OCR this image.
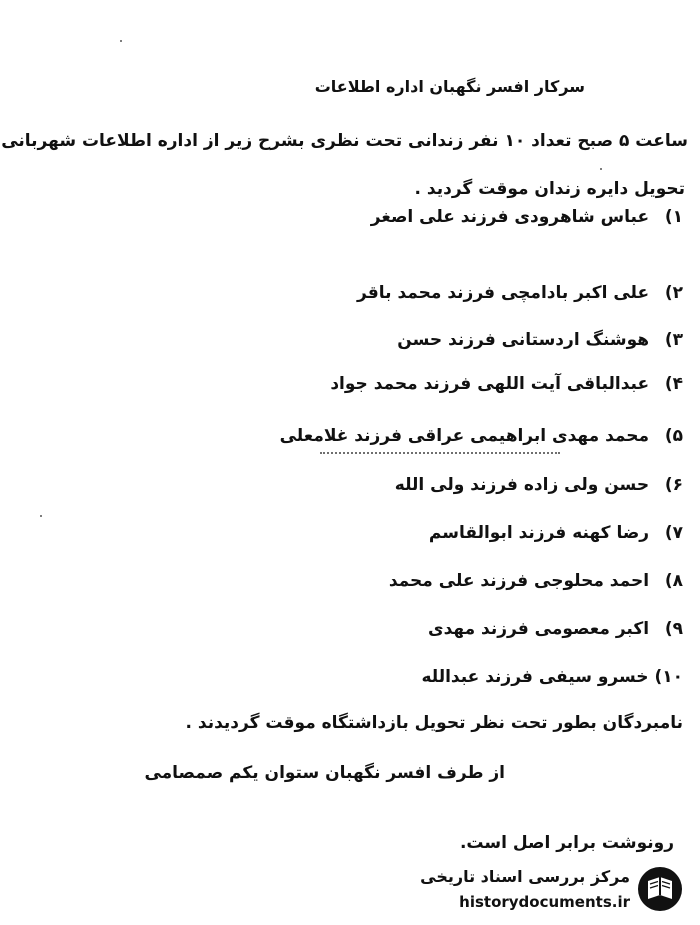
سرکار افسر نگهبان اداره اطلاعات
ساعت ۵ صبح تعداد ۱۰ نفر زندانی تحت نظری بشرح زیر از اداره اطلاعات شهربانی
تحویل دایره زندان موقت گردید .
۱) عباس شاهرودی فرزند علی اصغر
۲) علی اکبر بادامچی فرزند محمد باقر
۳) هوشنگ اردستانی فرزند حسن
۴) عبدالباقی آیت اللهی فرزند محمد جواد
۵) محمد مهدی ابراهیمی عراقی فرزند غلامعلی
۶) حسن ولی زاده فرزند ولی الله
۷) رضا کهنه فرزند ابوالقاسم
۸) احمد محلوجی فرزند علی محمد
۹) اکبر معصومی فرزند مهدی
۱۰) خسرو سیفی فرزند عبدالله
نامبردگان بطور تحت نظر تحویل بازداشتگاه موقت گردیدند .
از طرف افسر نگهبان ستوان یکم صمصامی
رونوشت برابر اصل است.
مرکز بررسی اسناد تاریخی
historydocuments.ir
